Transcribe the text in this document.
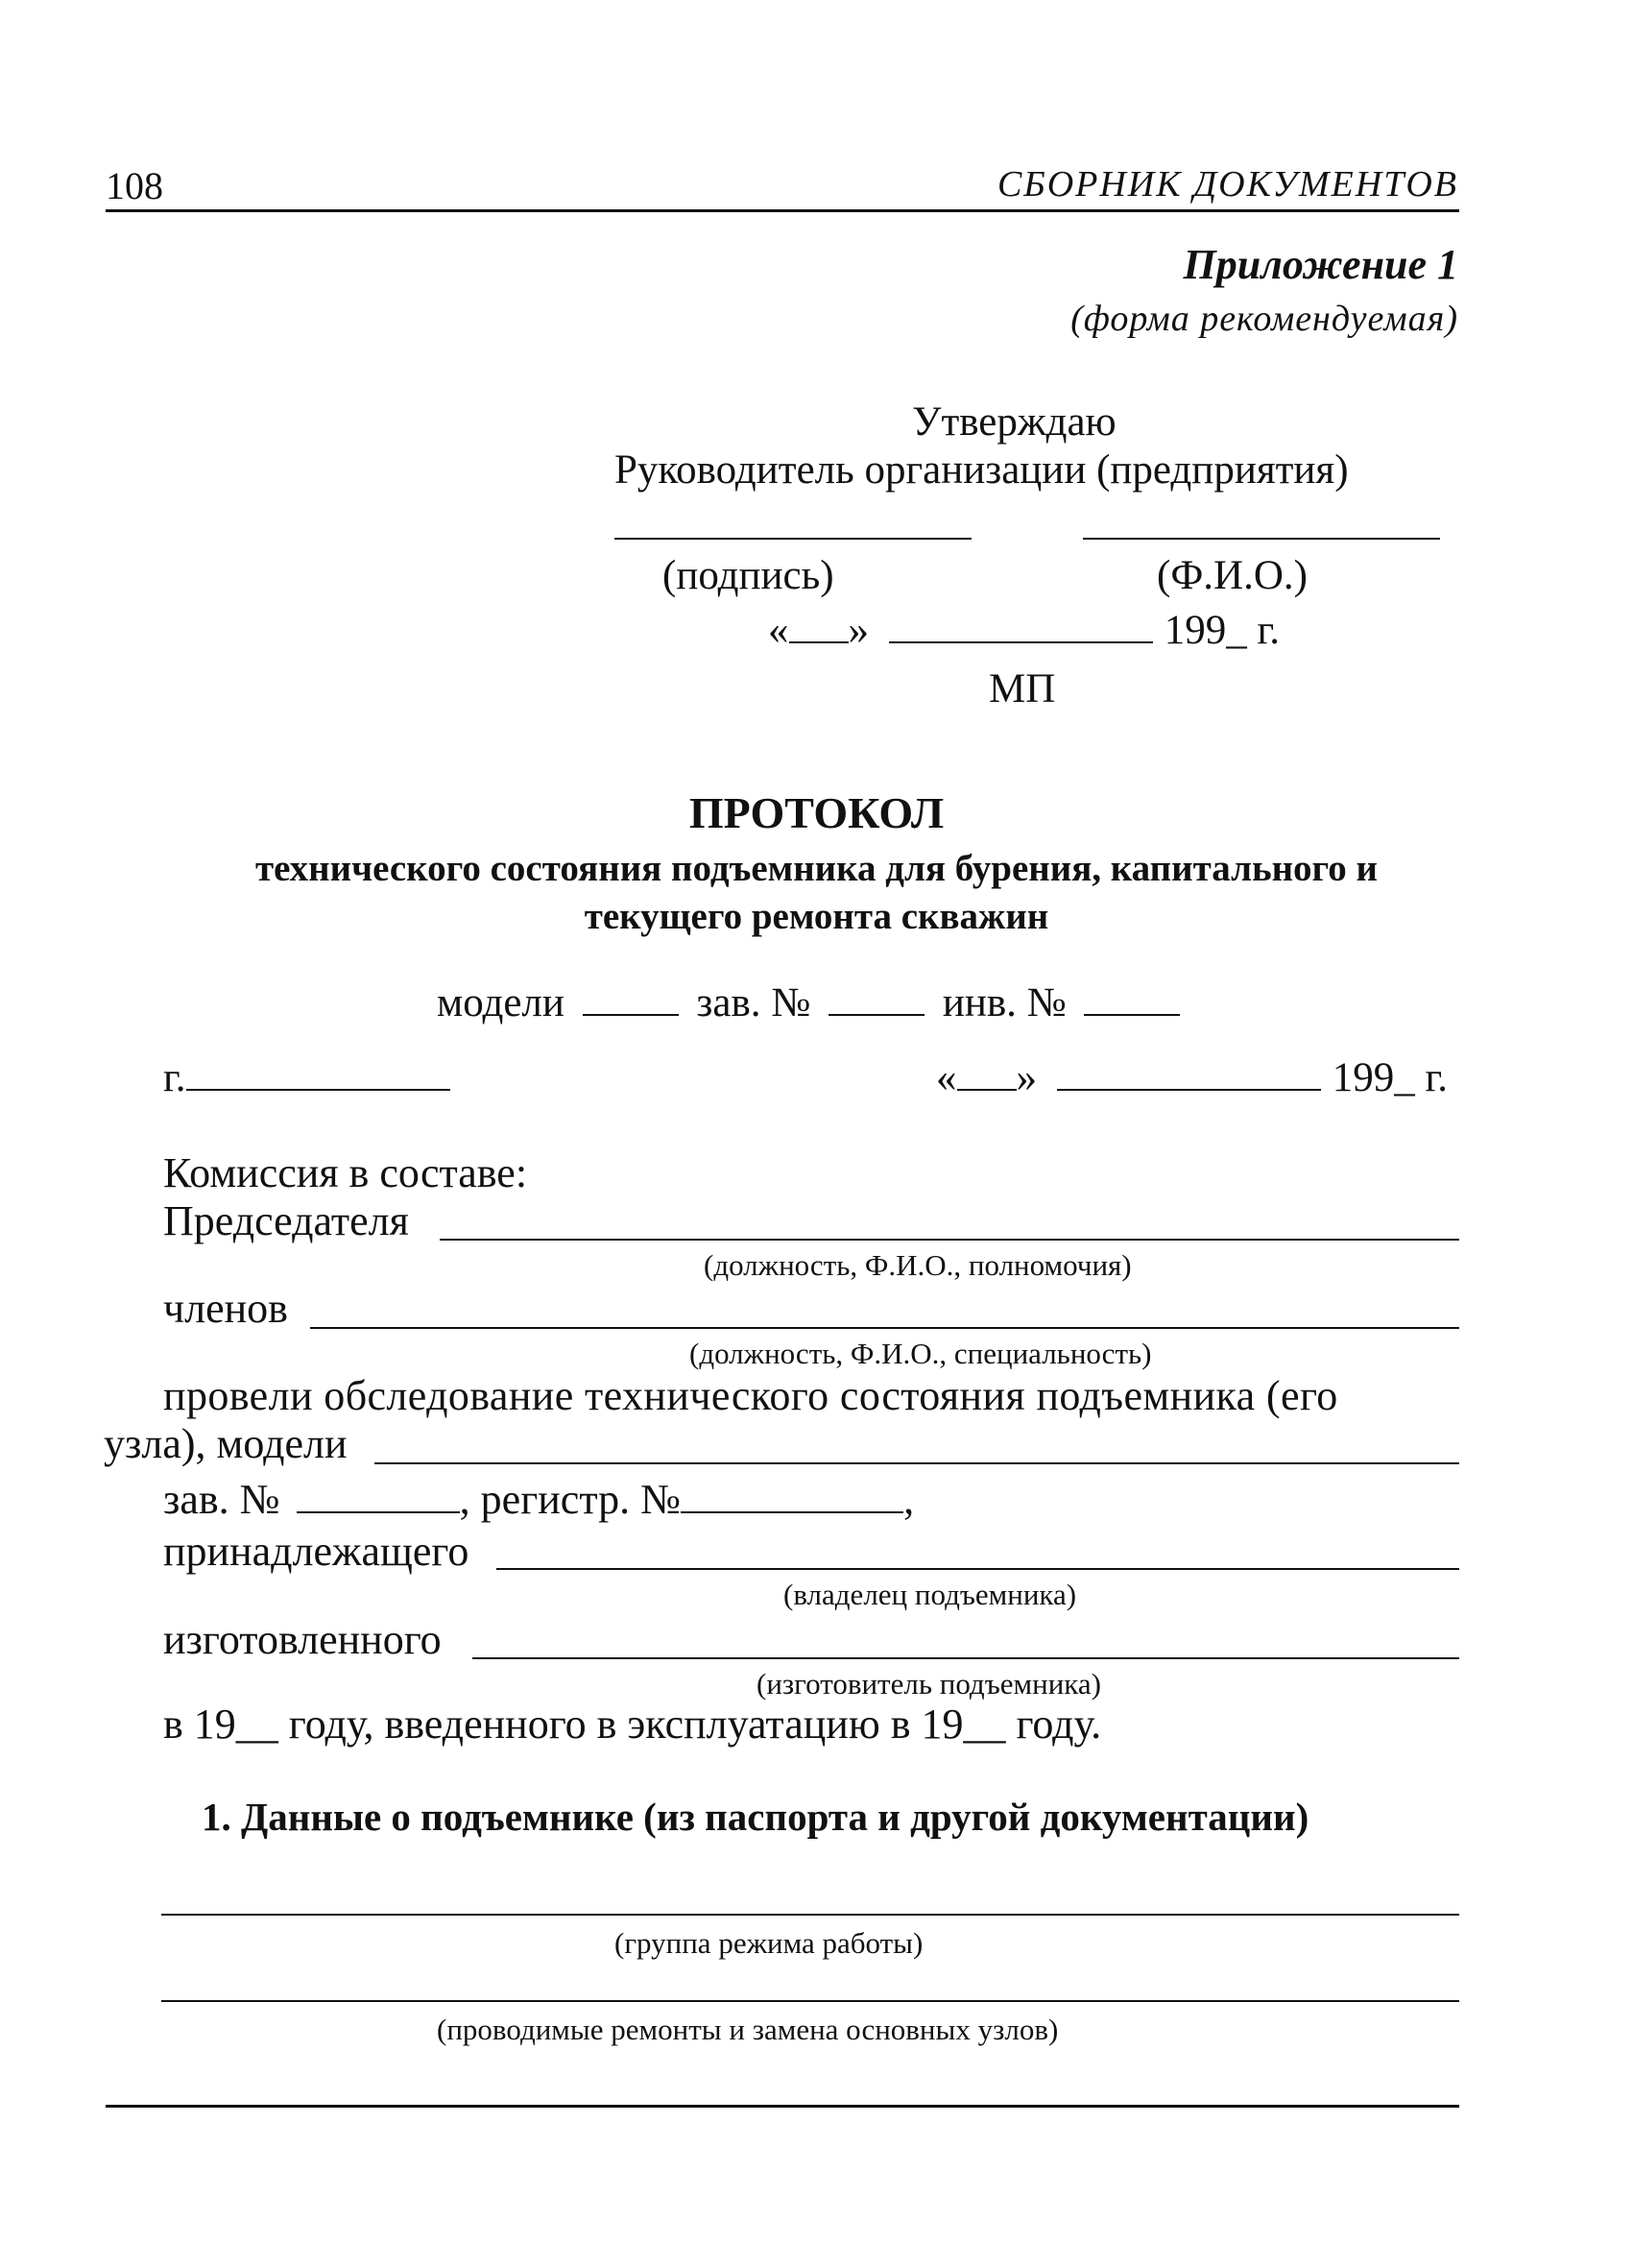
108	СБОРНИК ДОКУМЕНТОВ
Приложение 1
(форма рекомендуемая)
Утверждаю
Руководитель организации (предприятия)
(подпись)	(Ф.И.О.)
« »	199_ г.
МП
ПРОТОКОЛ
технического состояния подъемника для бурения, капитального и текущего ремонта скважин
модели	зав. №	инв. №
г.	« »	199_ г.
Комиссия в составе:
Председателя
(должность, Ф.И.О., полномочия)
членов
(должность, Ф.И.О., специальность)
провели обследование технического состояния подъемника (его
узла), модели
зав. №	, регистр. №	,
принадлежащего
(владелец подъемника)
изготовленного
(изготовитель подъемника)
в 19__ году, введенного в эксплуатацию в 19__ году.
1. Данные о подъемнике (из паспорта и другой документации)
(группа режима работы)
(проводимые ремонты и замена основных узлов)
